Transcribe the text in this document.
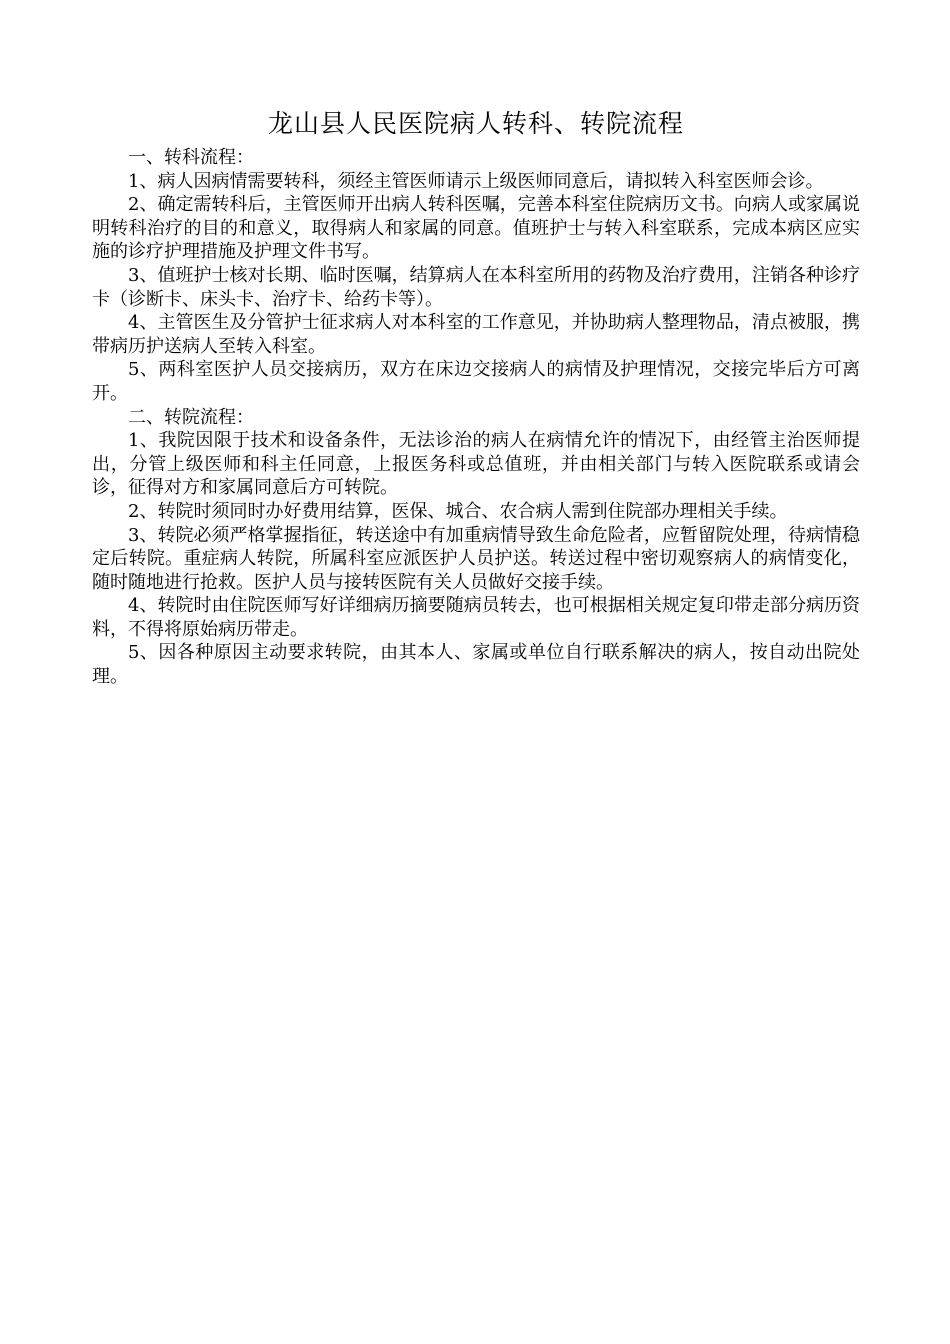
龙山县人民医院病人转科、转院流程

一、转科流程：

1、病人因病情需要转科，须经主管医师请示上级医师同意后，请拟转入科室医师会诊。

2、确定需转科后，主管医师开出病人转科医嘱，完善本科室住院病历文书。向病人或家属说明转科治疗的目的和意义，取得病人和家属的同意。值班护士与转入科室联系，完成本病区应实施的诊疗护理措施及护理文件书写。

3、值班护士核对长期、临时医嘱，结算病人在本科室所用的药物及治疗费用，注销各种诊疗卡（诊断卡、床头卡、治疗卡、给药卡等）。

4、主管医生及分管护士征求病人对本科室的工作意见，并协助病人整理物品，清点被服，携带病历护送病人至转入科室。

5、两科室医护人员交接病历，双方在床边交接病人的病情及护理情况，交接完毕后方可离开。

二、转院流程：

1、我院因限于技术和设备条件，无法诊治的病人在病情允许的情况下，由经管主治医师提出，分管上级医师和科主任同意，上报医务科或总值班，并由相关部门与转入医院联系或请会诊，征得对方和家属同意后方可转院。

2、转院时须同时办好费用结算，医保、城合、农合病人需到住院部办理相关手续。

3、转院必须严格掌握指征，转送途中有加重病情导致生命危险者，应暂留院处理，待病情稳定后转院。重症病人转院，所属科室应派医护人员护送。转送过程中密切观察病人的病情变化，随时随地进行抢救。医护人员与接转医院有关人员做好交接手续。

4、转院时由住院医师写好详细病历摘要随病员转去，也可根据相关规定复印带走部分病历资料，不得将原始病历带走。

5、因各种原因主动要求转院，由其本人、家属或单位自行联系解决的病人，按自动出院处理。
